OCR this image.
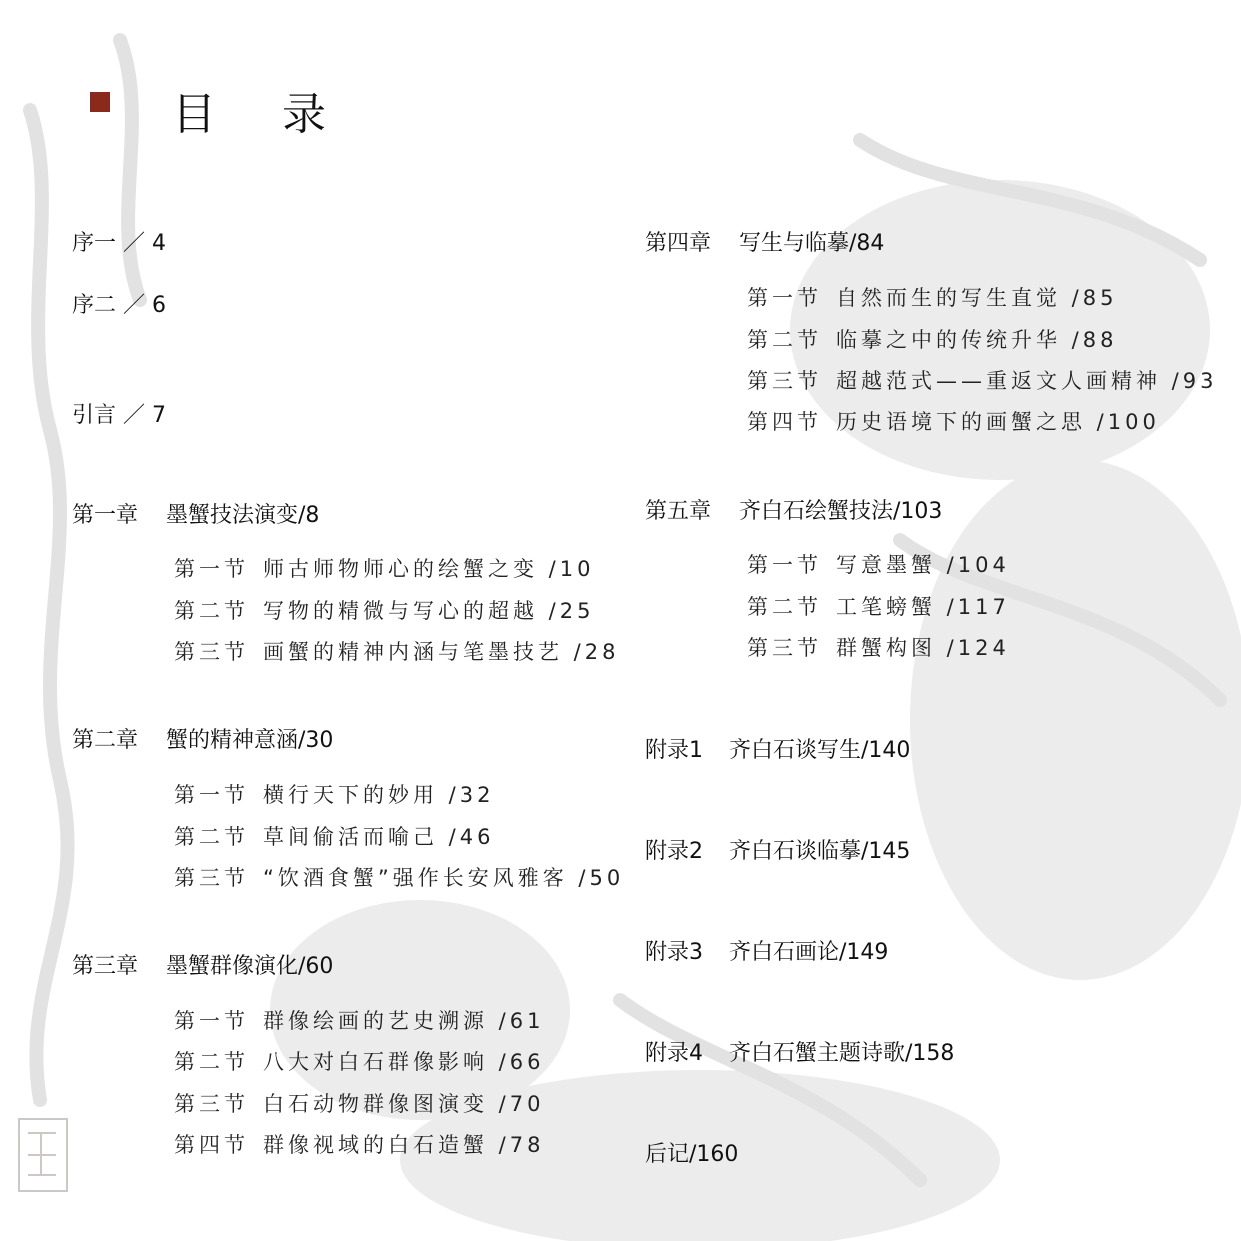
目 录
序一 ／ 4
序二 ／ 6
引言 ／ 7
第一章 墨蟹技法演变/8
第一节 师古师物师心的绘蟹之变 /10
第二节 写物的精微与写心的超越 /25
第三节 画蟹的精神内涵与笔墨技艺 /28
第二章 蟹的精神意涵/30
第一节 横行天下的妙用 /32
第二节 草间偷活而喻己 /46
第三节 “饮酒食蟹”强作长安风雅客 /50
第三章 墨蟹群像演化/60
第一节 群像绘画的艺史溯源 /61
第二节 八大对白石群像影响 /66
第三节 白石动物群像图演变 /70
第四节 群像视域的白石造蟹 /78
第四章 写生与临摹/84
第一节 自然而生的写生直觉 /85
第二节 临摹之中的传统升华 /88
第三节 超越范式——重返文人画精神 /93
第四节 历史语境下的画蟹之思 /100
第五章 齐白石绘蟹技法/103
第一节 写意墨蟹 /104
第二节 工笔螃蟹 /117
第三节 群蟹构图 /124
附录1 齐白石谈写生/140
附录2 齐白石谈临摹/145
附录3 齐白石画论/149
附录4 齐白石蟹主题诗歌/158
后记/160
